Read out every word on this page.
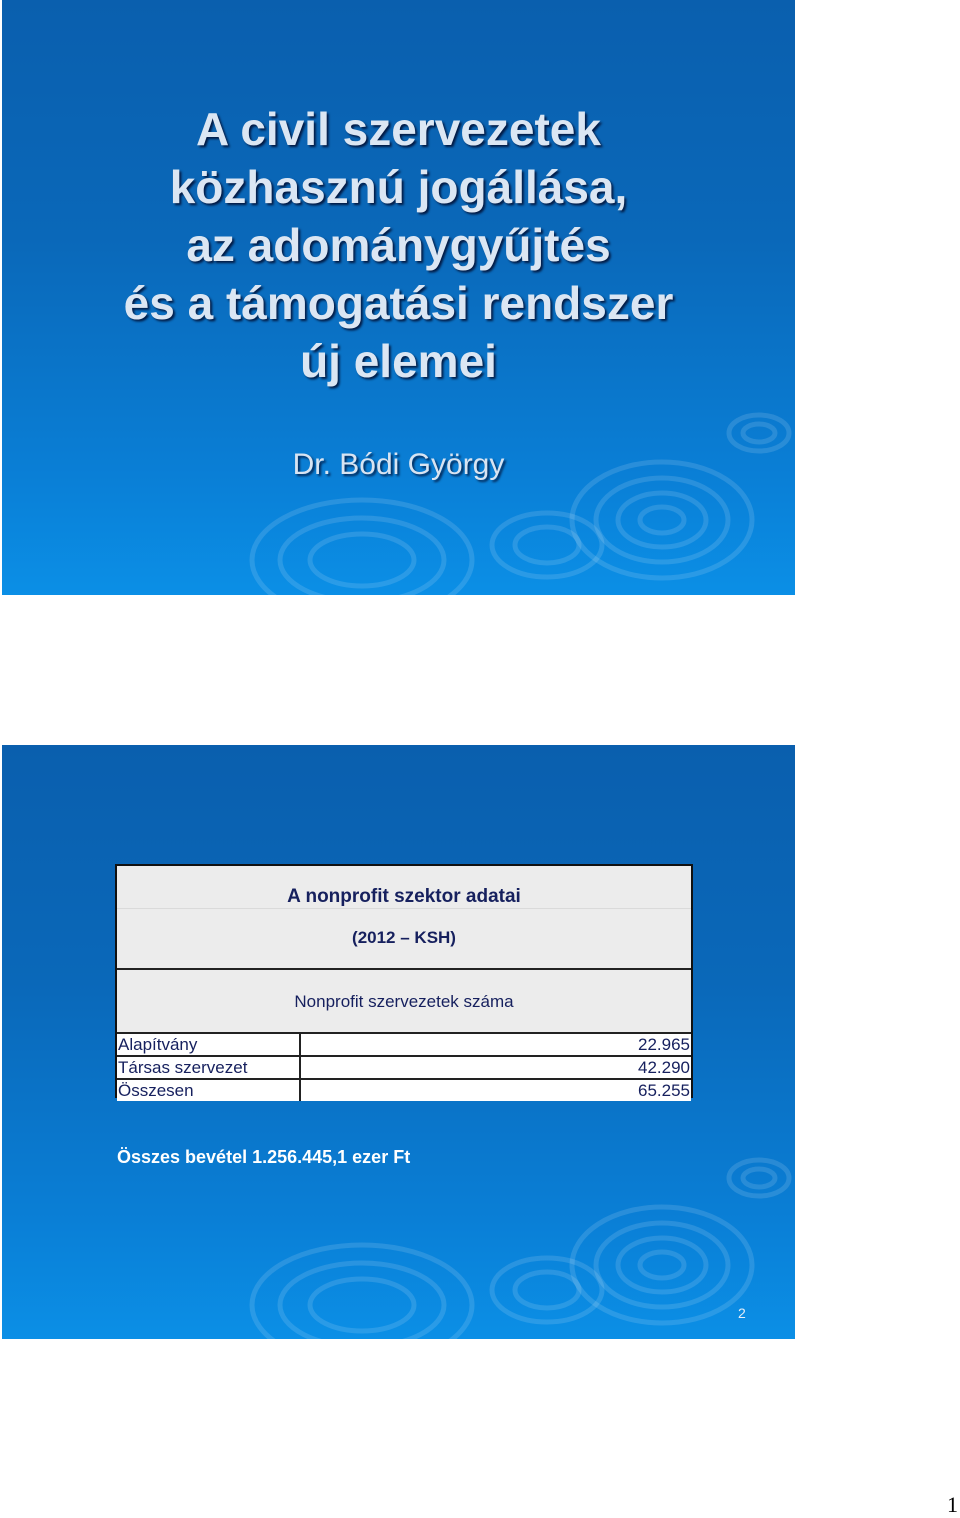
A civil szervezetek
közhasznú jogállása,
az adománygyűjtés
és a támogatási rendszer
új elemei

Dr. Bódi György

A nonprofit szektor adatai
(2012 – KSH)
Nonprofit szervezetek száma
Alapítvány	22.965
Társas szervezet	42.290
Összesen	65.255
Összes bevétel 1.256.445,1 ezer Ft
2
1
